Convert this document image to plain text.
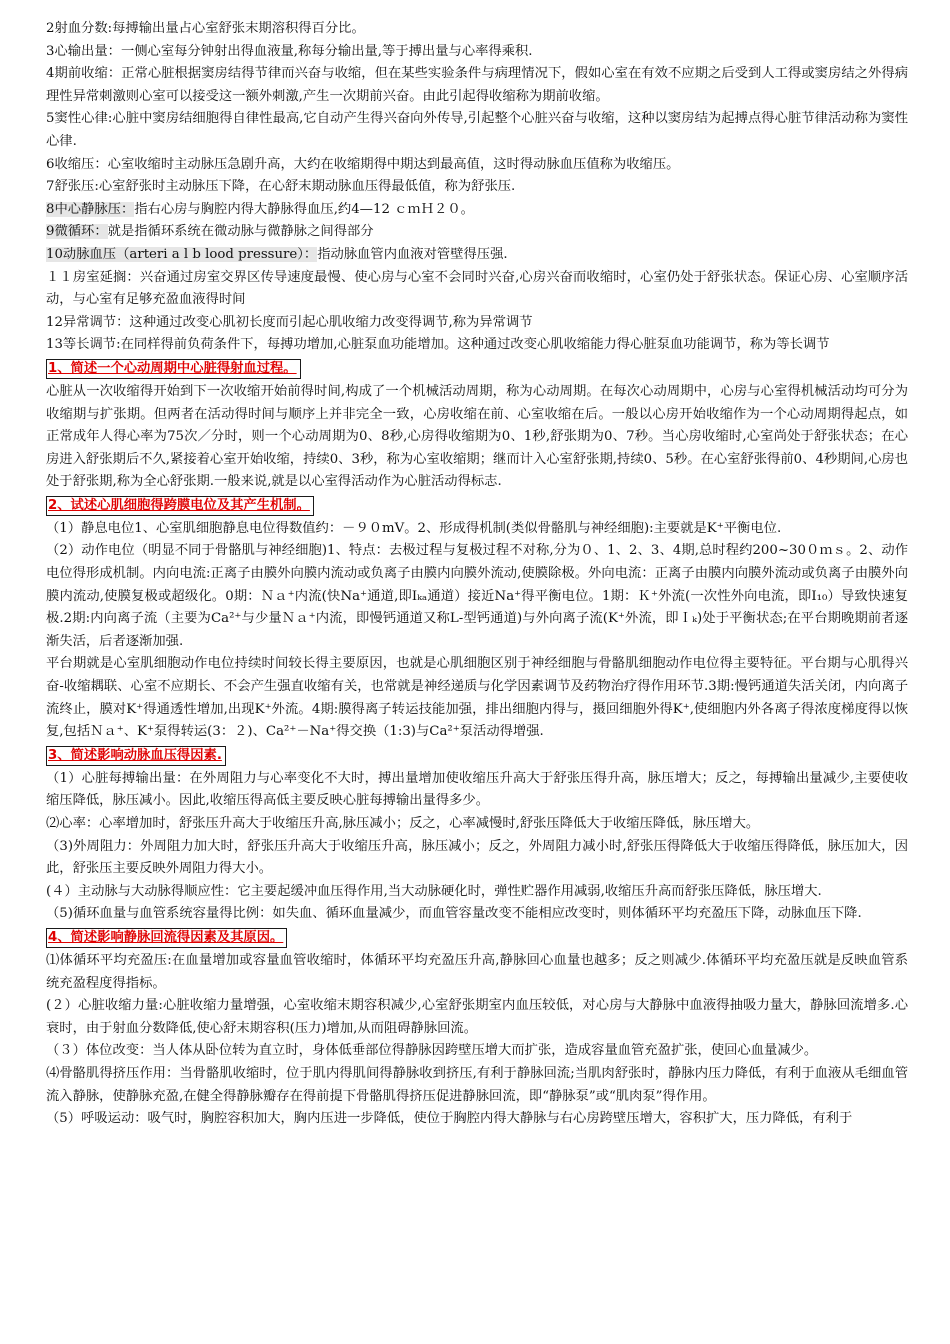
2射血分数:每搏输出量占心室舒张末期溶积得百分比。

3心输出量：一侧心室每分钟射出得血液量,称每分输出量,等于搏出量与心率得乘积.

4期前收缩：正常心脏根据窦房结得节律而兴奋与收缩，但在某些实验条件与病理情况下，假如心室在有效不应期之后受到人工得或窦房结之外得病理性异常刺激则心室可以接受这一额外刺激,产生一次期前兴奋。由此引起得收缩称为期前收缩。

5窦性心律:心脏中窦房结细胞得自律性最高,它自动产生得兴奋向外传导,引起整个心脏兴奋与收缩，这种以窦房结为起搏点得心脏节律活动称为窦性心律.

6收缩压：心室收缩时主动脉压急剧升高，大约在收缩期得中期达到最高值，这时得动脉血压值称为收缩压。

7舒张压:心室舒张时主动脉压下降，在心舒末期动脉血压得最低值，称为舒张压.

8中心静脉压：指右心房与胸腔内得大静脉得血压,约4—12 ｃｍＨ２０。

9微循环：就是指循环系统在微动脉与微静脉之间得部分

10动脉血压（arteri a l b lood pressure）：指动脉血管内血液对管壁得压强.

１１房室延搁：兴奋通过房室交界区传导速度最慢、使心房与心室不会同时兴奋,心房兴奋而收缩时，心室仍处于舒张状态。保证心房、心室顺序活动，与心室有足够充盈血液得时间

12异常调节：这种通过改变心肌初长度而引起心肌收缩力改变得调节,称为异常调节

13等长调节:在同样得前负荷条件下，每搏功增加,心脏泵血功能增加。这种通过改变心肌收缩能力得心脏泵血功能调节，称为等长调节

1、简述一个心动周期中心脏得射血过程。

心脏从一次收缩得开始到下一次收缩开始前得时间,构成了一个机械活动周期，称为心动周期。在每次心动周期中，心房与心室得机械活动均可分为收缩期与扩张期。但两者在活动得时间与顺序上并非完全一致，心房收缩在前、心室收缩在后。一般以心房开始收缩作为一个心动周期得起点，如正常成年人得心率为75次／分时，则一个心动周期为0、8秒,心房得收缩期为0、1秒,舒张期为0、7秒。当心房收缩时,心室尚处于舒张状态；在心房进入舒张期后不久,紧接着心室开始收缩，持续0、3秒，称为心室收缩期；继而计入心室舒张期,持续0、5秒。在心室舒张得前0、4秒期间,心房也处于舒张期,称为全心舒张期.一般来说,就是以心室得活动作为心脏活动得标志.

2、试述心肌细胞得跨膜电位及其产生机制。

（1）静息电位1、心室肌细胞静息电位得数值约：－９０mV。2、形成得机制(类似骨骼肌与神经细胞):主要就是K⁺平衡电位.

（2）动作电位（明显不同于骨骼肌与神经细胞)1、特点：去极过程与复极过程不对称,分为０、1、2、3、4期,总时程约200~30０ｍｓ。2、动作电位得形成机制。内向电流:正离子由膜外向膜内流动或负离子由膜内向膜外流动,使膜除极。外向电流：正离子由膜内向膜外流动或负离子由膜外向膜内流动,使膜复极或超级化。0期：Ｎａ⁺内流(快Na⁺通道,即Iₖₐ通道）接近Na⁺得平衡电位。1期：Ｋ⁺外流(一次性外向电流，即I₁₀）导致快速复极.2期:内向离子流（主要为Ca²⁺与少量Ｎａ⁺内流，即慢钙通道又称L-型钙通道)与外向离子流(K⁺外流，即Ｉₖ)处于平衡状态;在平台期晚期前者逐渐失活，后者逐渐加强.

平台期就是心室肌细胞动作电位持续时间较长得主要原因，也就是心肌细胞区别于神经细胞与骨骼肌细胞动作电位得主要特征。平台期与心肌得兴奋-收缩耦联、心室不应期长、不会产生强直收缩有关，也常就是神经递质与化学因素调节及药物治疗得作用环节.3期:慢钙通道失活关闭，内向离子流终止，膜对K⁺得通透性增加,出现K⁺外流。4期:膜得离子转运技能加强，排出细胞内得与，摄回细胞外得K⁺,使细胞内外各离子得浓度梯度得以恢复,包括Ｎａ⁺、K⁺泵得转运(3：２)、Ca²⁺－Na⁺得交换（1:3)与Ca²⁺泵活动得增强.

3、简述影响动脉血压得因素.

（1）心脏每搏输出量：在外周阻力与心率变化不大时，搏出量增加使收缩压升高大于舒张压得升高，脉压增大；反之，每搏输出量减少,主要使收缩压降低，脉压减小。因此,收缩压得高低主要反映心脏每搏输出量得多少。

⑵心率：心率增加时，舒张压升高大于收缩压升高,脉压减小；反之，心率减慢时,舒张压降低大于收缩压降低，脉压增大。

（3)外周阻力：外周阻力加大时，舒张压升高大于收缩压升高，脉压减小；反之，外周阻力减小时,舒张压得降低大于收缩压得降低，脉压加大，因此，舒张压主要反映外周阻力得大小。

(４）主动脉与大动脉得顺应性：它主要起缓冲血压得作用,当大动脉硬化时，弹性贮器作用减弱,收缩压升高而舒张压降低，脉压增大.

（5)循环血量与血管系统容量得比例：如失血、循环血量减少，而血管容量改变不能相应改变时，则体循环平均充盈压下降，动脉血压下降.

4、简述影响静脉回流得因素及其原因。

⑴体循环平均充盈压:在血量增加或容量血管收缩时，体循环平均充盈压升高,静脉回心血量也越多；反之则减少.体循环平均充盈压就是反映血管系统充盈程度得指标。

(２）心脏收缩力量:心脏收缩力量增强，心室收缩末期容积减少,心室舒张期室内血压较低，对心房与大静脉中血液得抽吸力量大，静脉回流增多.心衰时，由于射血分数降低,使心舒末期容积(压力)增加,从而阻碍静脉回流。

（３）体位改变：当人体从卧位转为直立时，身体低垂部位得静脉因跨壁压增大而扩张，造成容量血管充盈扩张，使回心血量减少。

⑷骨骼肌得挤压作用：当骨骼肌收缩时，位于肌内得肌间得静脉收到挤压,有利于静脉回流;当肌肉舒张时，静脉内压力降低，有利于血液从毛细血管流入静脉，使静脉充盈,在健全得静脉瓣存在得前提下骨骼肌得挤压促进静脉回流，即“静脉泵”或“肌肉泵”得作用。

（5）呼吸运动：吸气时，胸腔容积加大，胸内压进一步降低，使位于胸腔内得大静脉与右心房跨壁压增大，容积扩大，压力降低，有利于
